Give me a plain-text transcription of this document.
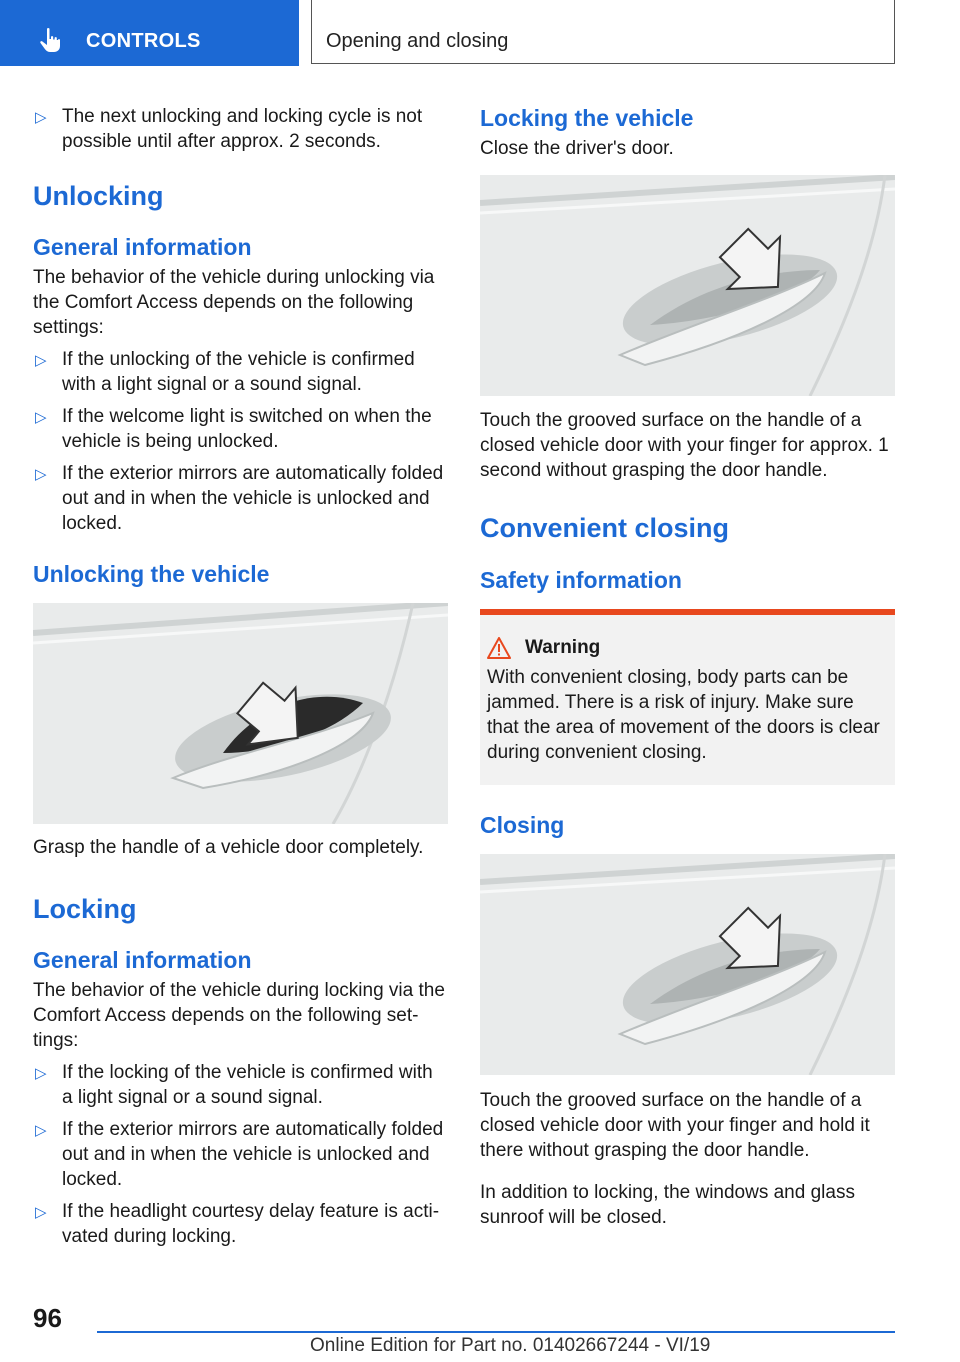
CONTROLS	Opening and closing
▷ The next unlocking and locking cycle is not possible until after approx. 2 seconds.
Unlocking
General information

The behavior of the vehicle during unlocking via the Comfort Access depends on the following settings:

▷ If the unlocking of the vehicle is confirmed with a light signal or a sound signal.
▷ If the welcome light is switched on when the vehicle is being unlocked.
▷ If the exterior mirrors are automatically folded out and in when the vehicle is unlocked and locked.
Unlocking the vehicle

Grasp the handle of a vehicle door completely.

Locking
General information

The behavior of the vehicle during locking via the Comfort Access depends on the following set‐tings:

▷ If the locking of the vehicle is confirmed with a light signal or a sound signal.
▷ If the exterior mirrors are automatically folded out and in when the vehicle is unlocked and locked.
▷ If the headlight courtesy delay feature is acti‐vated during locking.
Locking the vehicle

Close the driver's door.

Touch the grooved surface on the handle of a closed vehicle door with your finger for approx. 1 second without grasping the door handle.

Convenient closing
Safety information
Warning

With convenient closing, body parts can be jammed. There is a risk of injury. Make sure that the area of movement of the doors is clear during convenient closing.

Closing

Touch the grooved surface on the handle of a closed vehicle door with your finger and hold it there without grasping the door handle.

In addition to locking, the windows and glass sunroof will be closed.

96
Online Edition for Part no. 01402667244 - VI/19
